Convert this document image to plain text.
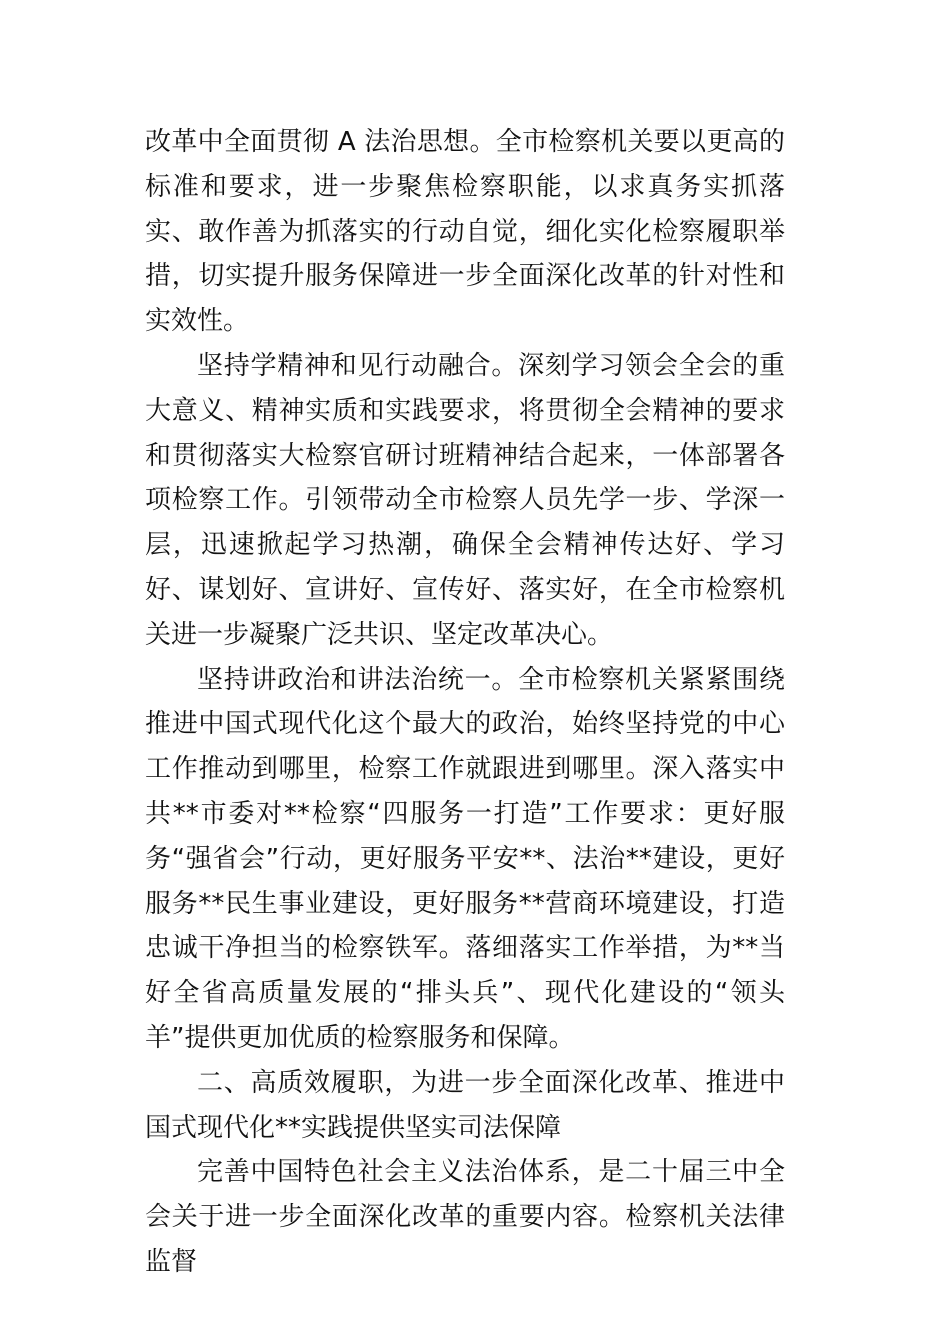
改革中全面贯彻 A 法治思想。全市检察机关要以更高的标准和要求，进一步聚焦检察职能，以求真务实抓落实、敢作善为抓落实的行动自觉，细化实化检察履职举措，切实提升服务保障进一步全面深化改革的针对性和实效性。

坚持学精神和见行动融合。深刻学习领会全会的重大意义、精神实质和实践要求，将贯彻全会精神的要求和贯彻落实大检察官研讨班精神结合起来，一体部署各项检察工作。引领带动全市检察人员先学一步、学深一层，迅速掀起学习热潮，确保全会精神传达好、学习好、谋划好、宣讲好、宣传好、落实好，在全市检察机关进一步凝聚广泛共识、坚定改革决心。

坚持讲政治和讲法治统一。全市检察机关紧紧围绕推进中国式现代化这个最大的政治，始终坚持党的中心工作推动到哪里，检察工作就跟进到哪里。深入落实中共**市委对**检察“四服务一打造”工作要求：更好服务“强省会”行动，更好服务平安**、法治**建设，更好服务**民生事业建设，更好服务**营商环境建设，打造忠诚干净担当的检察铁军。落细落实工作举措，为**当好全省高质量发展的“排头兵”、现代化建设的“领头羊”提供更加优质的检察服务和保障。

二、高质效履职，为进一步全面深化改革、推进中国式现代化**实践提供坚实司法保障

完善中国特色社会主义法治体系，是二十届三中全会关于进一步全面深化改革的重要内容。检察机关法律监督
